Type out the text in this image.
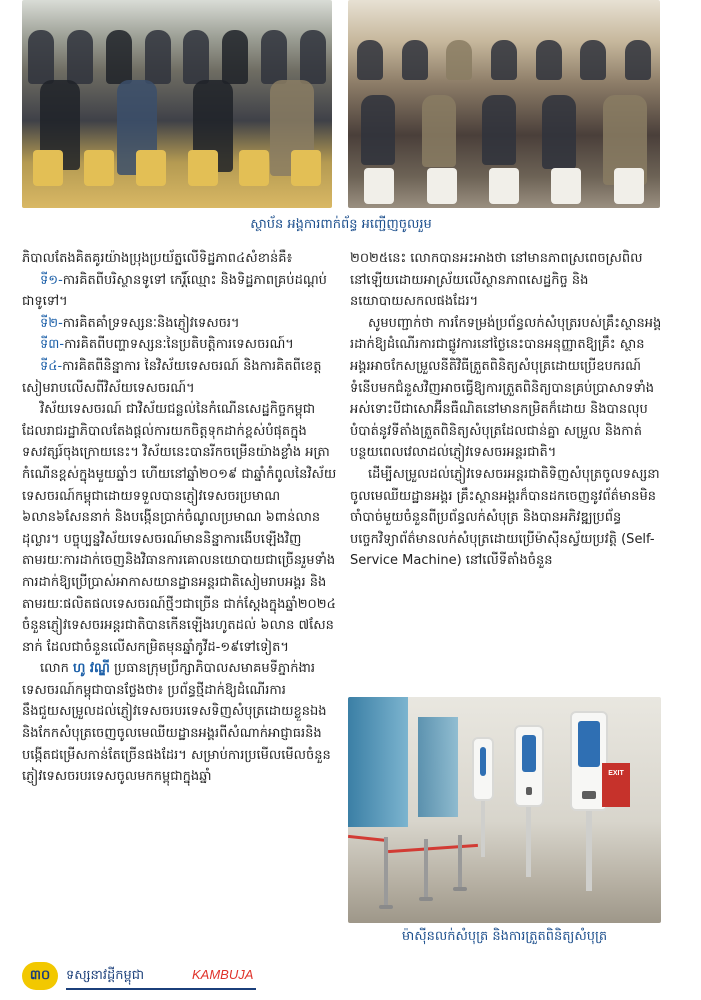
ស្ថាប័ន អង្គការពាក់ព័ន្ធ អញ្ជើញចូលរួម

ភិបាលតែងគិតគូរយ៉ាងប្រុងប្រយ័ត្នលើទិដ្ឋភាព៤សំខាន់គឺ៖

ទី១-ការគិតពីបរិស្ថានទូទៅ កេរ្តិ៍ឈ្មោះ និងទិដ្ឋភាពគ្រប់ដណ្ដប់ជាទូទៅ។

ទី២-ការគិតគាំទ្រទស្សនៈនិងភ្ញៀវទេសចរ។

ទី៣-ការគិតពីបញ្ហាទស្សនៈនៃប្រតិបត្តិការទេសចរណ៍។

ទី៤-ការគិតពីនិន្នាការ នៃវិស័យទេសចរណ៍ និងការគិតពីខេត្តសៀមរាបលើសពីវិស័យទេសចរណ៍។

វិស័យទេសចរណ៍ ជាវិស័យជន្លល់នៃកំណើនសេដ្ឋកិច្ចកម្ពុជា ដែលរាជរដ្ឋាភិបាលតែងផ្ដល់ការយកចិត្តទុកដាក់ខ្ពស់បំផុតក្នុងទសវត្សរ៍ចុងក្រោយនេះ។ វិស័យនេះបានរីកចម្រើនយ៉ាងខ្លាំង អត្រាកំណើនខ្ពស់ក្នុងមួយឆ្នាំៗ ហើយនៅឆ្នាំ២០១៩ ជាឆ្នាំកំពូលនៃវិស័យទេសចរណ៍កម្ពុជាដោយទទួលបានភ្ញៀវទេសចរប្រមាណ ៦លាន៦សែននាក់ និងបង្កើនប្រាក់ចំណូលប្រមាណ ៦ពាន់លានដុល្លារ។ បច្ចុប្បន្នវិស័យទេសចរណ៍មាននិន្នាការងើបឡើងវិញតាមរយៈការដាក់ចេញនិងវិធានការគោលនយោបាយជាច្រើនរួមទាំងការដាក់ឱ្យប្រើប្រាស់អាកាសយានដ្ឋានអន្តរជាតិសៀមរាបអង្គរ និងតាមរយៈផលិតផលទេសចរណ៍ថ្មីៗជាច្រើន ជាក់ស្ដែងក្នុងឆ្នាំ២០២៤ ចំនួនភ្ញៀវទេសចរអន្តរជាតិបានកើនឡើងរហូតដល់ ៦លាន ៧សែននាក់ ដែលជាចំនួនលើសកម្រិតមុនឆ្នាំកូវីដ-១៩ទៅទៀត។

លោក ហូ វណ្ឌី ប្រធានក្រុមប្រឹក្សាភិបាលសមាគមទីភ្នាក់ងារទេសចរណ៍កម្ពុជាបានថ្លែងថា៖ ប្រព័ន្ធថ្មីដាក់ឱ្យដំណើរការ នឹងជួយសម្រួលដល់ភ្ញៀវទេសចរបរទេសទិញសំបុត្រដោយខ្លួនឯង និងកែកសំបុត្រចេញចូលមេឈីយដ្ឋានអង្គរពីសំណាក់អាជ្ញាធរនិងបង្កើតជម្រើសកាន់តែច្រើនផងដែរ។ សម្រាប់ការប្រមើលមើលចំនួនភ្ញៀវទេសចរបរទេសចូលមកកម្ពុជាក្នុងឆ្នាំ

២០២៥នេះ លោកបានអះអាងថា នៅមានភាពស្រពេចស្រពិលនៅឡើយដោយអាស្រ័យលើស្ថានភាពសេដ្ឋកិច្ច និងនយោបាយសកលផងដែរ។

សូមបញ្ជាក់ថា ការកែទម្រង់ប្រព័ន្ធលក់សំបុត្ររបស់គ្រឹះស្ថានអង្គរដាក់ឱ្យដំណើរការជាផ្លូវការនៅថ្ងៃនេះបានអនុញ្ញាតឱ្យគ្រឹះ ស្ថានអង្គរអាចកែសម្រួលនីតិវិធីត្រួតពិនិត្យសំបុត្រដោយប្រើឧបករណ៍ទំនើបមកជំនួសវិញអាចធ្វើឱ្យការត្រួតពិនិត្យបានគ្រប់ប្រាសាទទាំងអស់ទោះបីជាសោអ៊ីនធឺណិតនៅមានកម្រិតក៏ដោយ និងបានលុបបំបាត់នូវទីតាំងត្រួតពិនិត្យសំបុត្រដែលជាន់គ្នា សម្រួល និងកាត់បន្ថយពេលវេលាដល់ភ្ញៀវទេសចរអន្តរជាតិ។

ដើម្បីសម្រួលដល់ភ្ញៀវទេសចរអន្តរជាតិទិញសំបុត្រចូលទស្សនាចូលមេឈីយដ្ឋានអង្គរ គ្រឹះស្ថានអង្គរក៏បានដកចេញនូវព័ត៌មានមិនចាំបាច់មួយចំនួនពីប្រព័ន្ធលក់សំបុត្រ និងបានអភិវឌ្ឍប្រព័ន្ធបច្ចេកវិទ្យាព័ត៌មានលក់សំបុត្រដោយប្រើម៉ាស៊ីនស្វ័យប្រវត្តិ (Self-Service Machine) នៅលើទីតាំងចំនួន

EXIT
ម៉ាស៊ីនលក់សំបុត្រ និងការត្រួតពិនិត្យសំបុត្រ
៣០	ទស្សនាវដ្ដីកម្ពុជា	KAMBUJA
